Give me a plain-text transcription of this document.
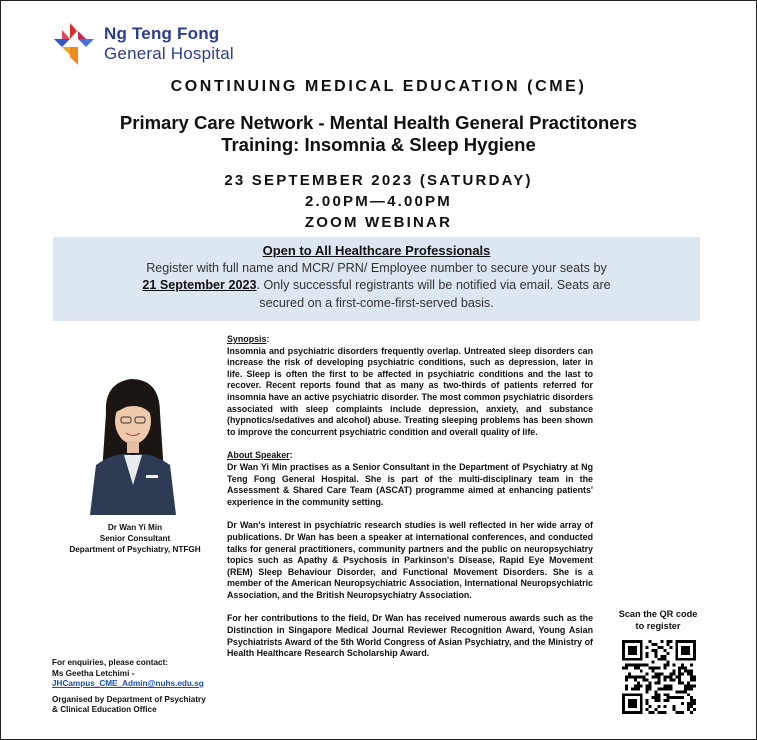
Ng Teng Fong
General Hospital
CONTINUING MEDICAL EDUCATION (CME)
Primary Care Network - Mental Health General Practitoners
Training: Insomnia & Sleep Hygiene
23 SEPTEMBER 2023 (SATURDAY)
2.00PM—4.00PM
ZOOM WEBINAR
Open to All Healthcare Professionals
Register with full name and MCR/ PRN/ Employee number to secure your seats by
21 September 2023. Only successful registrants will be notified via email. Seats are
secured on a first-come-first-served basis.
Dr Wan Yi Min
Senior Consultant
Department of Psychiatry, NTFGH
For enquiries, please contact:
Ms Geetha Letchimi -
JHCampus_CME_Admin@nuhs.edu.sg
Organised by Department of Psychiatry
& Clinical Education Office

Synopsis:
Insomnia and psychiatric disorders frequently overlap. Untreated sleep disorders can increase the risk of developing psychiatric conditions, such as depression, later in life. Sleep is often the first to be affected in psychiatric conditions and the last to recover. Recent reports found that as many as two-thirds of patients referred for insomnia have an active psychiatric disorder. The most common psychiatric disorders associated with sleep complaints include depression, anxiety, and substance (hypnotics/sedatives and alcohol) abuse. Treating sleeping problems has been shown to improve the concurrent psychiatric condition and overall quality of life.

About Speaker:
Dr Wan Yi Min practises as a Senior Consultant in the Department of Psychiatry at Ng Teng Fong General Hospital. She is part of the multi-disciplinary team in the Assessment & Shared Care Team (ASCAT) programme aimed at enhancing patients' experience in the community setting.

Dr Wan's interest in psychiatric research studies is well reflected in her wide array of publications. Dr Wan has been a speaker at international conferences, and conducted talks for general practitioners, community partners and the public on neuropsychiatry topics such as Apathy & Psychosis in Parkinson's Disease, Rapid Eye Movement (REM) Sleep Behaviour Disorder, and Functional Movement Disorders. She is a member of the American Neuropsychiatric Association, International Neuropsychiatric Association, and the British Neuropsychiatry Association.

For her contributions to the field, Dr Wan has received numerous awards such as the Distinction in Singapore Medical Journal Reviewer Recognition Award, Young Asian Psychiatrists Award of the 5th World Congress of Asian Psychiatry, and the Ministry of Health Healthcare Research Scholarship Award.

Scan the QR code
to register
